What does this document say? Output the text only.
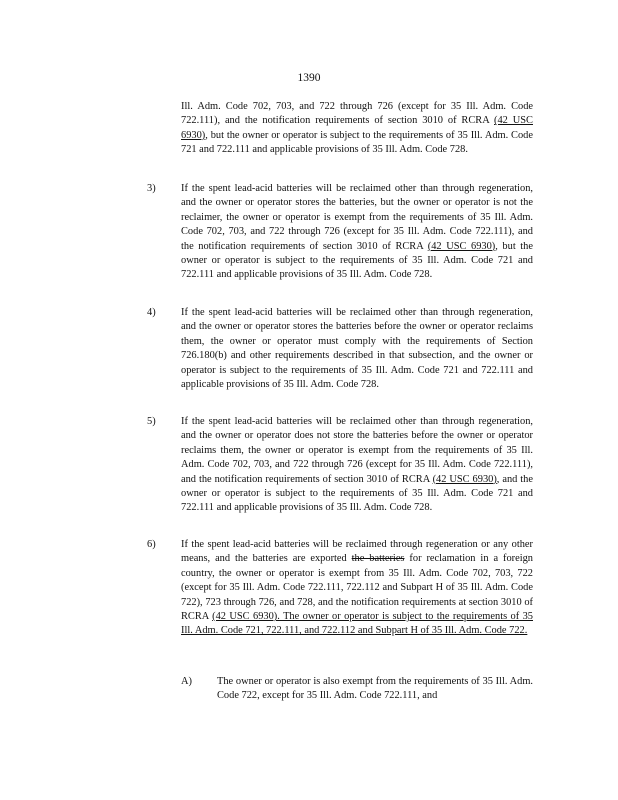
1390
Ill. Adm. Code 702, 703, and 722 through 726 (except for 35 Ill. Adm. Code 722.111), and the notification requirements of section 3010 of RCRA (42 USC 6930), but the owner or operator is subject to the requirements of 35 Ill. Adm. Code 721 and 722.111 and applicable provisions of 35 Ill. Adm. Code 728.
3) If the spent lead-acid batteries will be reclaimed other than through regeneration, and the owner or operator stores the batteries, but the owner or operator is not the reclaimer, the owner or operator is exempt from the requirements of 35 Ill. Adm. Code 702, 703, and 722 through 726 (except for 35 Ill. Adm. Code 722.111), and the notification requirements of section 3010 of RCRA (42 USC 6930), but the owner or operator is subject to the requirements of 35 Ill. Adm. Code 721 and 722.111 and applicable provisions of 35 Ill. Adm. Code 728.
4) If the spent lead-acid batteries will be reclaimed other than through regeneration, and the owner or operator stores the batteries before the owner or operator reclaims them, the owner or operator must comply with the requirements of Section 726.180(b) and other requirements described in that subsection, and the owner or operator is subject to the requirements of 35 Ill. Adm. Code 721 and 722.111 and applicable provisions of 35 Ill. Adm. Code 728.
5) If the spent lead-acid batteries will be reclaimed other than through regeneration, and the owner or operator does not store the batteries before the owner or operator reclaims them, the owner or operator is exempt from the requirements of 35 Ill. Adm. Code 702, 703, and 722 through 726 (except for 35 Ill. Adm. Code 722.111), and the notification requirements of section 3010 of RCRA (42 USC 6930), and the owner or operator is subject to the requirements of 35 Ill. Adm. Code 721 and 722.111 and applicable provisions of 35 Ill. Adm. Code 728.
6) If the spent lead-acid batteries will be reclaimed through regeneration or any other means, and the batteries are exported the batteries for reclamation in a foreign country, the owner or operator is exempt from 35 Ill. Adm. Code 702, 703, 722 (except for 35 Ill. Adm. Code 722.111, 722.112 and Subpart H of 35 Ill. Adm. Code 722), 723 through 726, and 728, and the notification requirements at section 3010 of RCRA (42 USC 6930). The owner or operator is subject to the requirements of 35 Ill. Adm. Code 721, 722.111, and 722.112 and Subpart H of 35 Ill. Adm. Code 722.
A) The owner or operator is also exempt from the requirements of 35 Ill. Adm. Code 722, except for 35 Ill. Adm. Code 722.111, and
